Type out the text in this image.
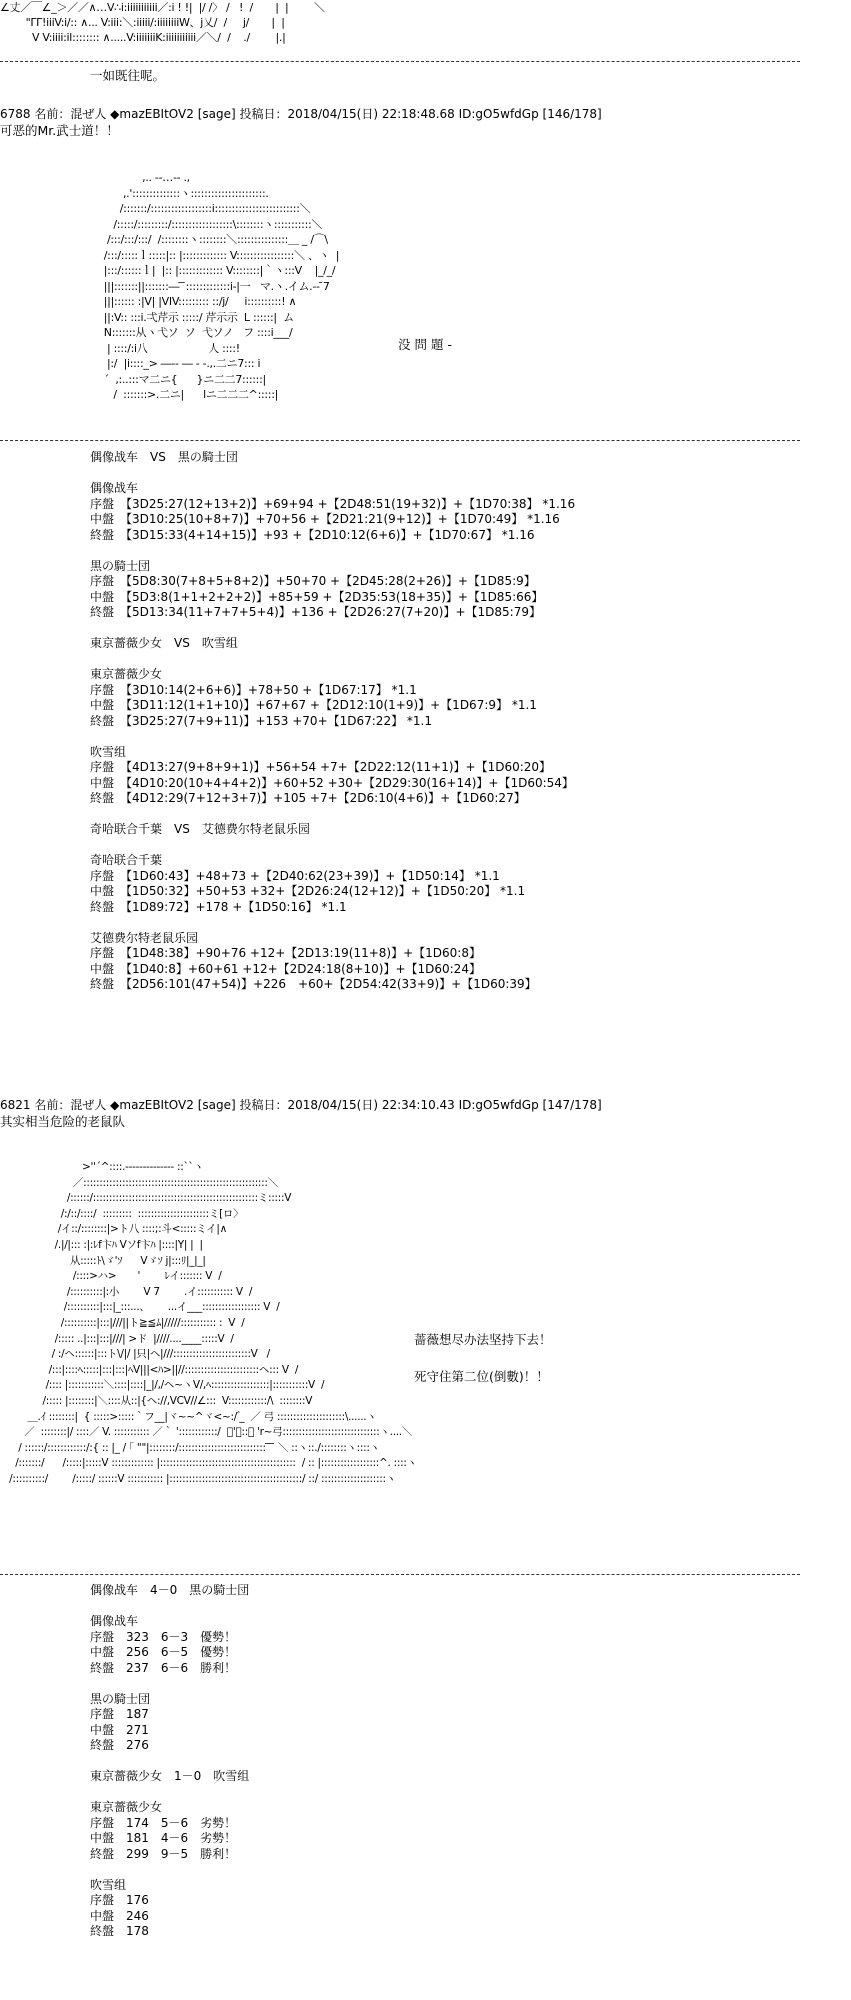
∠丈／￣∠_＞／／∧…V∴i:iiiiiiiiiii／:i ! !|  |/ /〉 /   !  /       |  |        ＼
"ΓΓ!iiiV:i/:: ∧... V:iii:＼:iiiii/:iiiiiiiiW、j乂/  /     j/       |  |
V V:iiii:il:::::::: ∧.....V:iiiiiiiK:iiiiiiiiiii／＼/  /    ./        |.|
一如既往呢。
6788 名前：混ぜ人 ◆mazEBItOV2 [sage] 投稿日：2018/04/15(日) 22:18:48.68 ID:gO5wfdGp [146/178]
可恶的Mr.武士道！！
,.. -‐…‐- .,
,.'::::::::::::::ヽ::::::::::::::::::::::.
/:::::::/::::::::::::::::::i:::::::::::::::::::::::::＼
/:::::/:::::::::/::::::::::::::::::\::::::::ヽ:::::::::::＼
/:::/:::/:::/  /::::::::ヽ::::::::＼:::::::::::::::＿ _ /⌒\
/:::/:::::ｌ:::::|:: |::::::::::::: V:::::::::::::::::＼ 、ヽ  |
|:::/::::::ｌ|  |:: |::::::::::::: V::::::::|｀ヽ:::V    |_/_/
|||:::::::||:::::::― ̄ ̄:::::::::::::i-|一   マ.ヽ.イム.-‐ ̄7
|||:::::: :|V| |VIV::::::::: ::/j/     i::::::::::! ∧
||:V:: :::i.弌芹示 :::::/ 芹示示  L ::::::|  ム
N:::::::从ヽ弋ソ  ソ  弋ソノ   フ ::::i___/
| ::::/:i八                   人 ::::!
|:/  |i::::_> ―-- ― - -.,.二ニ7::: i
´  ,:..:::マ二ニ{      }ニ二二7::::::|
/  :::::::>.二ニ|      lニ二二二^:::::|
没 問 題 -
偶像战车　VS　黒の騎士団
偶像战车
序盤　【3D25:27(12+13+2)】+69+94 +【2D48:51(19+32)】+【1D70:38】 *1.16
中盤　【3D10:25(10+8+7)】+70+56 +【2D21:21(9+12)】+【1D70:49】 *1.16
終盤　【3D15:33(4+14+15)】+93 +【2D10:12(6+6)】+【1D70:67】 *1.16
黒の騎士団
序盤　【5D8:30(7+8+5+8+2)】+50+70 +【2D45:28(2+26)】+【1D85:9】
中盤　【5D3:8(1+1+2+2+2)】+85+59 +【2D35:53(18+35)】+【1D85:66】
終盤　【5D13:34(11+7+7+5+4)】+136 +【2D26:27(7+20)】+【1D85:79】
東京薔薇少女　VS　吹雪组
東京薔薇少女
序盤　【3D10:14(2+6+6)】+78+50 +【1D67:17】 *1.1
中盤　【3D11:12(1+1+10)】+67+67 +【2D12:10(1+9)】+【1D67:9】 *1.1
終盤　【3D25:27(7+9+11)】+153 +70+【1D67:22】 *1.1
吹雪组
序盤　【4D13:27(9+8+9+1)】+56+54 +7+【2D22:12(11+1)】+【1D60:20】
中盤　【4D10:20(10+4+4+2)】+60+52 +30+【2D29:30(16+14)】+【1D60:54】
終盤　【4D12:29(7+12+3+7)】+105 +7+【2D6:10(4+6)】+【1D60:27】
奇哈联合千葉　VS　艾德费尔特老鼠乐园
奇哈联合千葉
序盤　【1D60:43】+48+73 +【2D40:62(23+39)】+【1D50:14】 *1.1
中盤　【1D50:32】+50+53 +32+【2D26:24(12+12)】+【1D50:20】 *1.1
終盤　【1D89:72】+178 +【1D50:16】 *1.1
艾德费尔特老鼠乐园
序盤　【1D48:38】+90+76 +12+【2D13:19(11+8)】+【1D60:8】
中盤　【1D40:8】+60+61 +12+【2D24:18(8+10)】+【1D60:24】
終盤　【2D56:101(47+54)】+226　+60+【2D54:42(33+9)】+【1D60:39】
6821 名前：混ぜ人 ◆mazEBItOV2 [sage] 投稿日：2018/04/15(日) 22:34:10.43 ID:gO5wfdGp [147/178]
其实相当危险的老鼠队
>''´^::::.‐‐‐‐‐‐‐‐‐‐‐‐‐‐ ::``ヽ
／:::::::::::::::::::::::::::::::::::::::::::::::::::::::::＼
/::::::/:::::::::::::::::::::::::::::::::::::::::::::::::::ミ:::::V
/:/::/::::/  :::::::::  ::::::::::::::::::::::ミ[ロ〉
/イ::/::::::::|>ト八 ::::;:斗<:::::ミイ|∧
/.|/|::: :|:ﾚf卞ﾊ Vソf卞ﾊ |::::|Y| |  |
从:::::ﾄ\ゞ'ｿ      Vゞｿ j|:::ﾘ|_|_|
/::::>ハ>       '        ﾚイ::::::: V  /
/::::::::::|:小        V 7        .イ::::::::::: V  /
/::::::::::|:::|_:::...、      ...イ___:::::::::::::::::: V  /
/::::::::::|:::|///||ト≧≦ﾑ|/////::::::::::: :  V  /
/::::: ..|:::|:::|///| >ド  |////....____:::::V  /
/ :/ヘ::::::|:::ト\/|/ |只|ヘ|///::::::::::::::::::::::::V   /
/:::|::::ﾍ:::::|:::|:::|ﾍV|||<ﾊ>||//:::::::::::::::::::::::ヘ::: V  /
/:::: |:::::::::::＼::::|::::|_|/,/ヘ~ヽV/,ﾍ::::::::::::::::::|:::::::::::V  /
/::::: |::::::::|＼::::从::|{ヘ://,VCV//∠:::  V::::::::::::/\  ::::::::V
＿.ｲ ::::::::|  { :::::>:::::｀フ__|ヾ~~^ヾ<~:/ ゙_  ／ 弓 :::::::::::::::::::::\......ヽ
／  ::::::::|/ ::::／ V. ::::::::::: ／｀ '::::::::::::/  ゙'ｰ::＼ 'r~弓::::::::::::::::::::::::::::::ヽ....＼
/ ::::::/::::::::::::/:{ :: |_ / ｢ ""|::::::::/::::::::::::::::::::::::::: ̄ ̄ ̄ ＼ ::ヽ::./::::::::ヽ::::ヽ
/:::::::/      /:::::|:::::V ::::::::::::: |::::::::::::::::::::::::::::::::::::::::::  / :: |::::::::::::::::::^. ::::ヽ
/::::::::::/        /:::::/ ::::::V ::::::::::: |:::::::::::::::::::::::::::::::::::::::::/ ::/ ::::::::::::::::::::ヽ
蔷薇想尽办法坚持下去！
死守住第二位(倒數)！！
偶像战车　4－0　黒の騎士団
偶像战车
序盤　323　6－3　優勢！
中盤　256　6－5　優勢！
終盤　237　6－6　勝利！
黒の騎士団
序盤　187
中盤　271
終盤　276
東京薔薇少女　1－0　吹雪组
東京薔薇少女
序盤　174　5－6　劣勢！
中盤　181　4－6　劣勢！
終盤　299　9－5　勝利！
吹雪组
序盤　176
中盤　246
終盤　178
